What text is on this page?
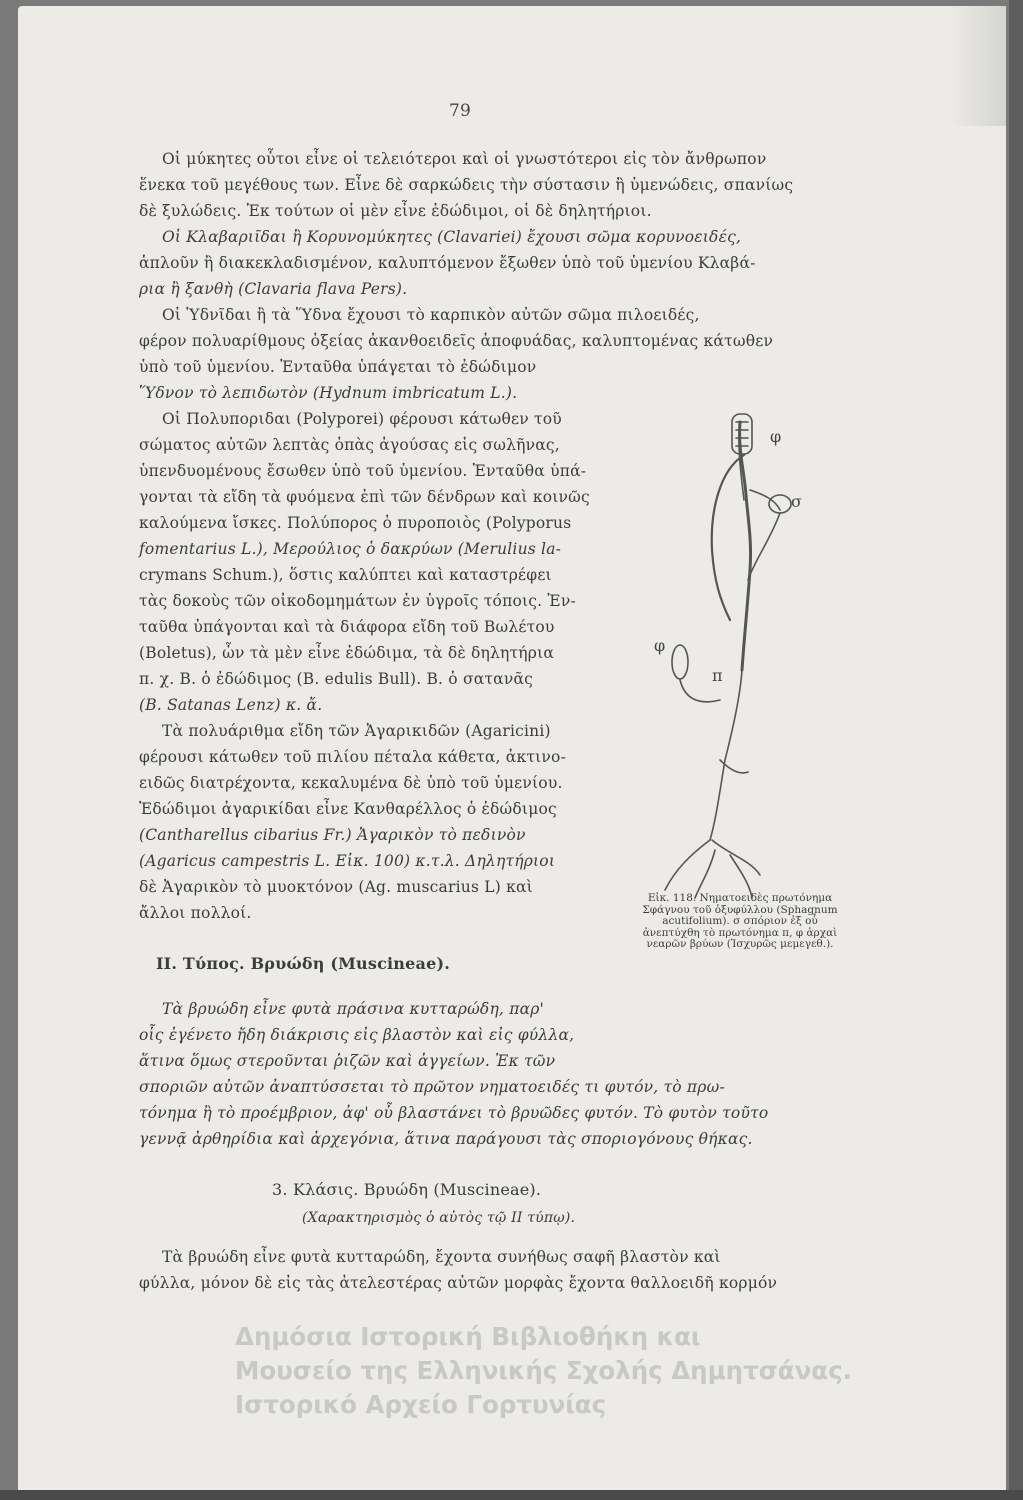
79
Οἱ μύκητες οὗτοι εἶνε οἱ τελειότεροι καὶ οἱ γνωστότεροι εἰς τὸν ἄνθρωπον
ἕνεκα τοῦ μεγέθους των. Εἶνε δὲ σαρκώδεις τὴν σύστασιν ἢ ὑμενώδεις, σπανίως
δὲ ξυλώδεις. Ἐκ τούτων οἱ μὲν εἶνε ἐδώδιμοι, οἱ δὲ δηλητήριοι.
Οἱ Κλαβαριῖδαι ἢ Κορυνομύκητες (Clavariei) ἔχουσι σῶμα κορυνοειδές,
ἁπλοῦν ἢ διακεκλαδισμένον, καλυπτόμενον ἔξωθεν ὑπὸ τοῦ ὑμενίου Κλαβά-
ρια ἢ ξανθὴ (Clavaria flava Pers).
Οἱ Ὑδνῖδαι ἢ τὰ Ὕδνα ἔχουσι τὸ καρπικὸν αὐτῶν σῶμα πιλοειδές,
φέρον πολυαρίθμους ὀξείας ἀκανθοειδεῖς ἀποφυάδας, καλυπτομένας κάτωθεν
ὑπὸ τοῦ ὑμενίου. Ἐνταῦθα ὑπάγεται τὸ ἐδώδιμον
Ὕδνον τὸ λεπιδωτὸν (Hydnum imbricatum L.).
Οἱ Πολυποριδαι (Polyporei) φέρουσι κάτωθεν τοῦ
σώματος αὐτῶν λεπτὰς ὀπὰς ἀγούσας εἰς σωλῆνας,
ὑπενδυομένους ἔσωθεν ὑπὸ τοῦ ὑμενίου. Ἐνταῦθα ὑπά-
γονται τὰ εἴδη τὰ φυόμενα ἐπὶ τῶν δένδρων καὶ κοινῶς
καλούμενα ἴσκες. Πολύπορος ὁ πυροποιὸς (Polyporus
fomentarius L.), Μερούλιος ὁ δακρύων (Merulius la-
crymans Schum.), ὅστις καλύπτει καὶ καταστρέφει
τὰς δοκοὺς τῶν οἰκοδομημάτων ἐν ὑγροῖς τόποις. Ἐν-
ταῦθα ὑπάγονται καὶ τὰ διάφορα εἴδη τοῦ Βωλέτου
(Boletus), ὧν τὰ μὲν εἶνε ἐδώδιμα, τὰ δὲ δηλητήρια
π. χ. Β. ὁ ἐδώδιμος (B. edulis Bull). Β. ὁ σατανᾶς
(B. Satanas Lenz) κ. ἄ.
Τὰ πολυάριθμα εἴδη τῶν Ἀγαρικιδῶν (Agaricini)
φέρουσι κάτωθεν τοῦ πιλίου πέταλα κάθετα, ἀκτινο-
ειδῶς διατρέχοντα, κεκαλυμένα δὲ ὑπὸ τοῦ ὑμενίου.
Ἐδώδιμοι ἀγαρικίδαι εἶνε Κανθαρέλλος ὁ ἐδώδιμος
(Cantharellus cibarius Fr.) Ἀγαρικὸν τὸ πεδινὸν
(Agaricus campestris L. Εἰκ. 100) κ.τ.λ. Δηλητήριοι
δὲ Ἀγαρικὸν τὸ μυοκτόνον (Ag. muscarius L) καὶ
ἄλλοι πολλοί.
II. Τύπος. Βρυώδη (Muscineae).
Τὰ βρυώδη εἶνε φυτὰ πράσινα κυτταρώδη, παρ'
οἷς ἐγένετο ἤδη διάκρισις εἰς βλαστὸν καὶ εἰς φύλλα,
ἅτινα ὅμως στεροῦνται ῥιζῶν καὶ ἀγγείων. Ἐκ τῶν
σποριῶν αὐτῶν ἀναπτύσσεται τὸ πρῶτον νηματοειδές τι φυτόν, τὸ πρω-
τόνημα ἢ τὸ προέμβριον, ἀφ' οὗ βλαστάνει τὸ βρυῶδες φυτόν. Τὸ φυτὸν τοῦτο
γεννᾷ ἀρθηρίδια καὶ ἀρχεγόνια, ἅτινα παράγουσι τὰς σποριογόνους θήκας.
3. Κλάσις. Βρυώδη (Muscineae).
(Χαρακτηρισμὸς ὁ αὐτὸς τῷ II τύπῳ).
Τὰ βρυώδη εἶνε φυτὰ κυτταρώδη, ἔχοντα συνήθως σαφῆ βλαστὸν καὶ
φύλλα, μόνον δὲ εἰς τὰς ἀτελεστέρας αὐτῶν μορφὰς ἔχοντα θαλλοειδῆ κορμόν
φ
σ
φ
π
Εἰκ. 118. Νηματοειδὲς πρωτόνημα Σφάγνου τοῦ ὀξυφύλλου (Sphagnum acutifolium). σ σπόριον ἐξ οὗ ἀνεπτύχθη τὸ πρωτόνημα π, φ ἀρχαὶ νεαρῶν βρύων (Ἰσχυρῶς μεμεγεθ.).
Δημόσια Ιστορική Βιβλιοθήκη και
Μουσείο της Ελληνικής Σχολής Δημητσάνας.
Ιστορικό Αρχείο Γορτυνίας
